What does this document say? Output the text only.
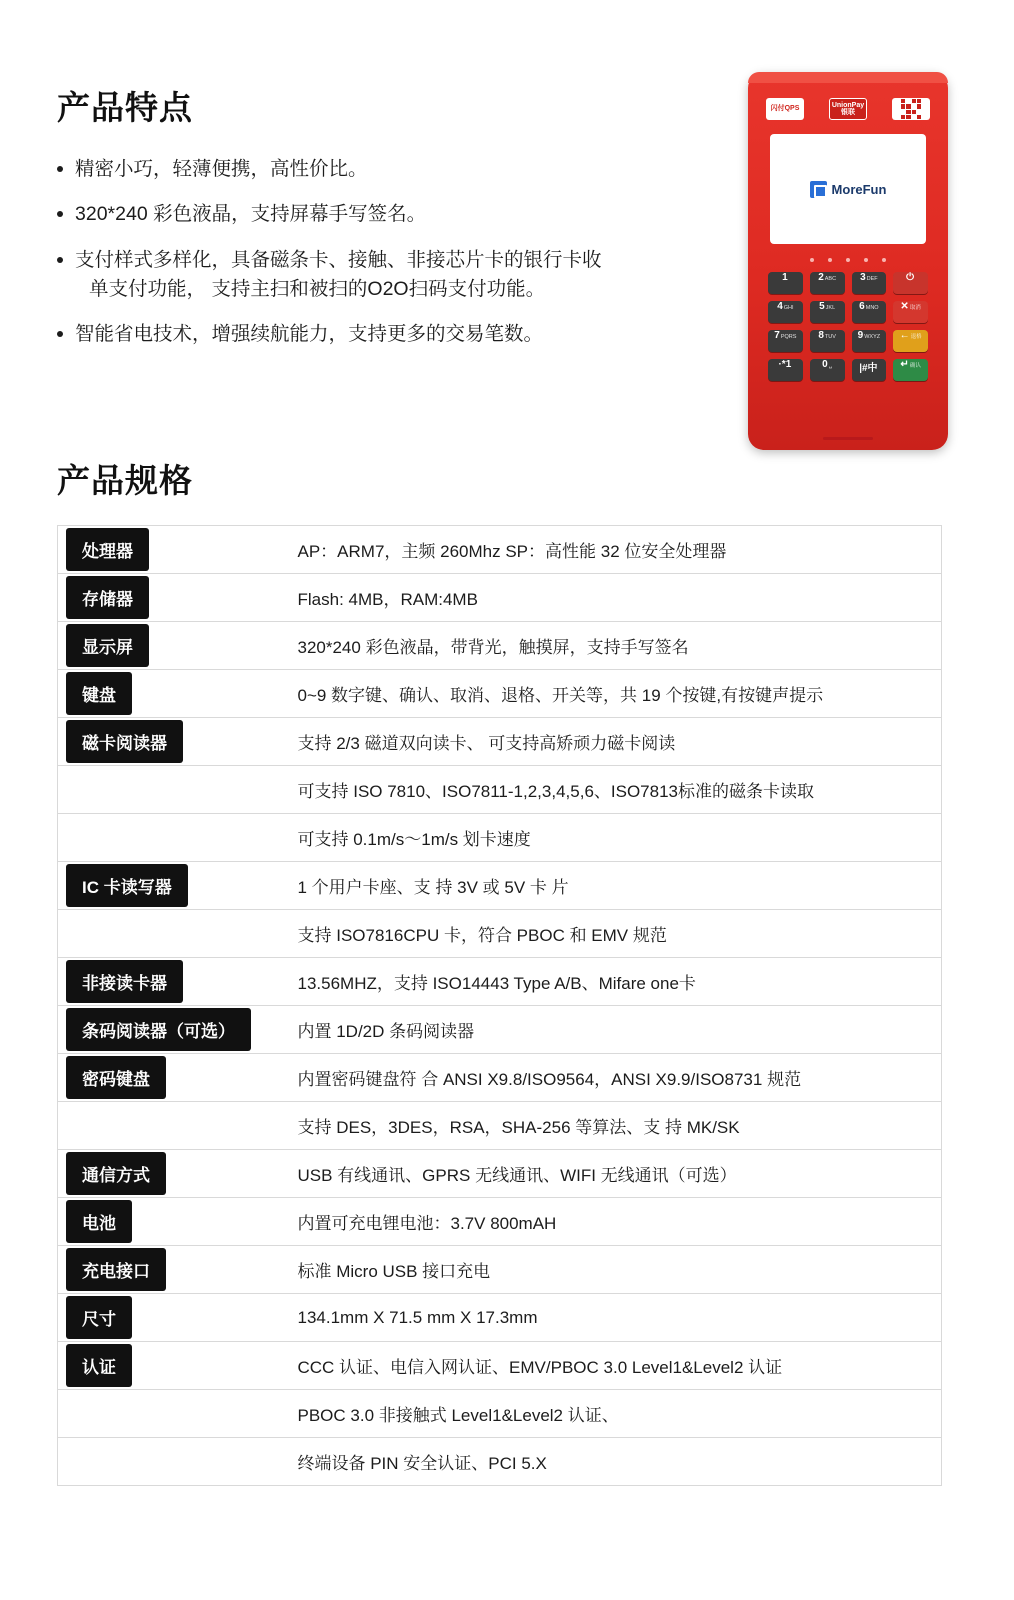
产品特点
精密小巧，轻薄便携，高性价比。
320*240 彩色液晶，支持屏幕手写签名。
支付样式多样化，具备磁条卡、接触、非接芯片卡的银行卡收
单支付功能， 支持主扫和被扫的O2O扫码支付功能。
智能省电技术，增强续航能力，支持更多的交易笔数。
闪付QPS
UnionPay 银联
MoreFun
1	2 ABC 3 DEF	⏻
4 GHI	5 JKL 6 MNO ✕ 取消
7 PQRS 8 TUV 9 WXYZ ← 退格
·*1	0 ␣	|#中 ↵ 确认
产品规格
处理器	AP：ARM7，主频 260Mhz SP：高性能 32 位安全处理器
存储器	Flash: 4MB，RAM:4MB
显示屏	320*240 彩色液晶，带背光，触摸屏，支持手写签名
键盘	0~9 数字键、确认、取消、退格、开关等，共 19 个按键,有按键声提示
磁卡阅读器	支持 2/3 磁道双向读卡、 可支持高矫顽力磁卡阅读
	可支持 ISO 7810、ISO7811-1,2,3,4,5,6、ISO7813标准的磁条卡读取
	可支持 0.1m/s～1m/s 划卡速度
IC 卡读写器	1 个用户卡座、支 持 3V 或 5V 卡 片
	支持 ISO7816CPU 卡，符合 PBOC 和 EMV 规范
非接读卡器	13.56MHZ，支持 ISO14443 Type A/B、Mifare one卡
条码阅读器（可选）	内置 1D/2D 条码阅读器
密码键盘	内置密码键盘符 合 ANSI X9.8/ISO9564，ANSI X9.9/ISO8731 规范
	支持 DES，3DES，RSA，SHA-256 等算法、支 持 MK/SK
通信方式	USB 有线通讯、GPRS 无线通讯、WIFI 无线通讯（可选）
电池	内置可充电锂电池：3.7V 800mAH
充电接口	标准 Micro USB 接口充电
尺寸	134.1mm X 71.5 mm X 17.3mm
认证	CCC 认证、电信入网认证、EMV/PBOC 3.0 Level1&Level2 认证
	PBOC 3.0 非接触式 Level1&Level2 认证、
	终端设备 PIN 安全认证、PCI 5.X
